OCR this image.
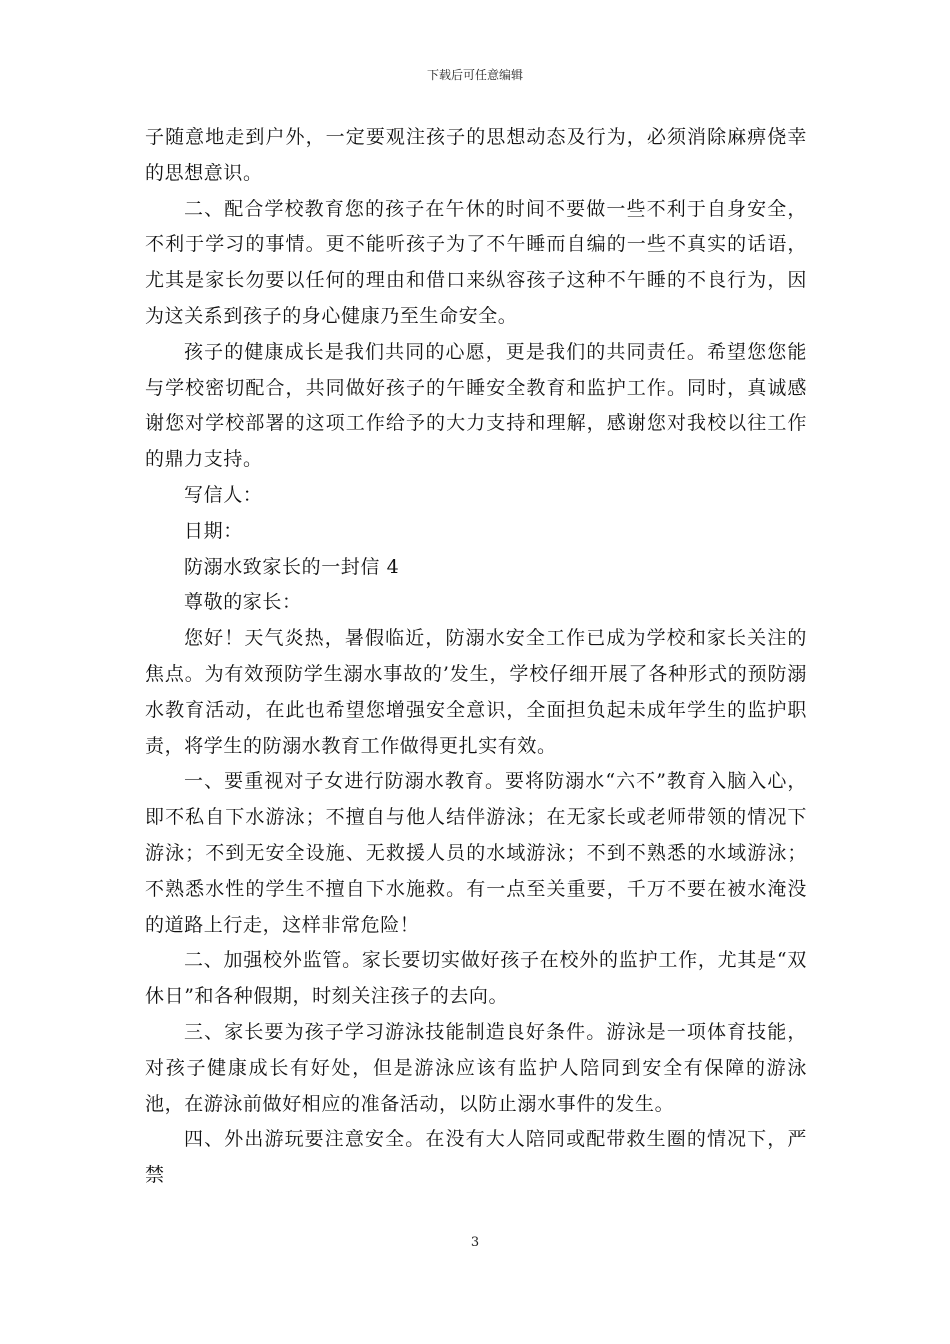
下载后可任意编辑

子随意地走到户外，一定要观注孩子的思想动态及行为，必须消除麻痹侥幸的思想意识。

二、配合学校教育您的孩子在午休的时间不要做一些不利于自身安全，不利于学习的事情。更不能听孩子为了不午睡而自编的一些不真实的话语，尤其是家长勿要以任何的理由和借口来纵容孩子这种不午睡的不良行为，因为这关系到孩子的身心健康乃至生命安全。

孩子的健康成长是我们共同的心愿，更是我们的共同责任。希望您您能与学校密切配合，共同做好孩子的午睡安全教育和监护工作。同时，真诚感谢您对学校部署的这项工作给予的大力支持和理解，感谢您对我校以往工作的鼎力支持。

写信人：

日期：

防溺水致家长的一封信 4

尊敬的家长：

您好！天气炎热，暑假临近，防溺水安全工作已成为学校和家长关注的焦点。为有效预防学生溺水事故的’发生，学校仔细开展了各种形式的预防溺水教育活动，在此也希望您增强安全意识，全面担负起未成年学生的监护职责，将学生的防溺水教育工作做得更扎实有效。

一、要重视对子女进行防溺水教育。要将防溺水“六不”教育入脑入心，即不私自下水游泳；不擅自与他人结伴游泳；在无家长或老师带领的情况下游泳；不到无安全设施、无救援人员的水域游泳；不到不熟悉的水域游泳；不熟悉水性的学生不擅自下水施救。有一点至关重要，千万不要在被水淹没的道路上行走，这样非常危险！

二、加强校外监管。家长要切实做好孩子在校外的监护工作，尤其是“双休日”和各种假期，时刻关注孩子的去向。

三、家长要为孩子学习游泳技能制造良好条件。游泳是一项体育技能，对孩子健康成长有好处，但是游泳应该有监护人陪同到安全有保障的游泳池，在游泳前做好相应的准备活动，以防止溺水事件的发生。

四、外出游玩要注意安全。在没有大人陪同或配带救生圈的情况下，严禁

3
